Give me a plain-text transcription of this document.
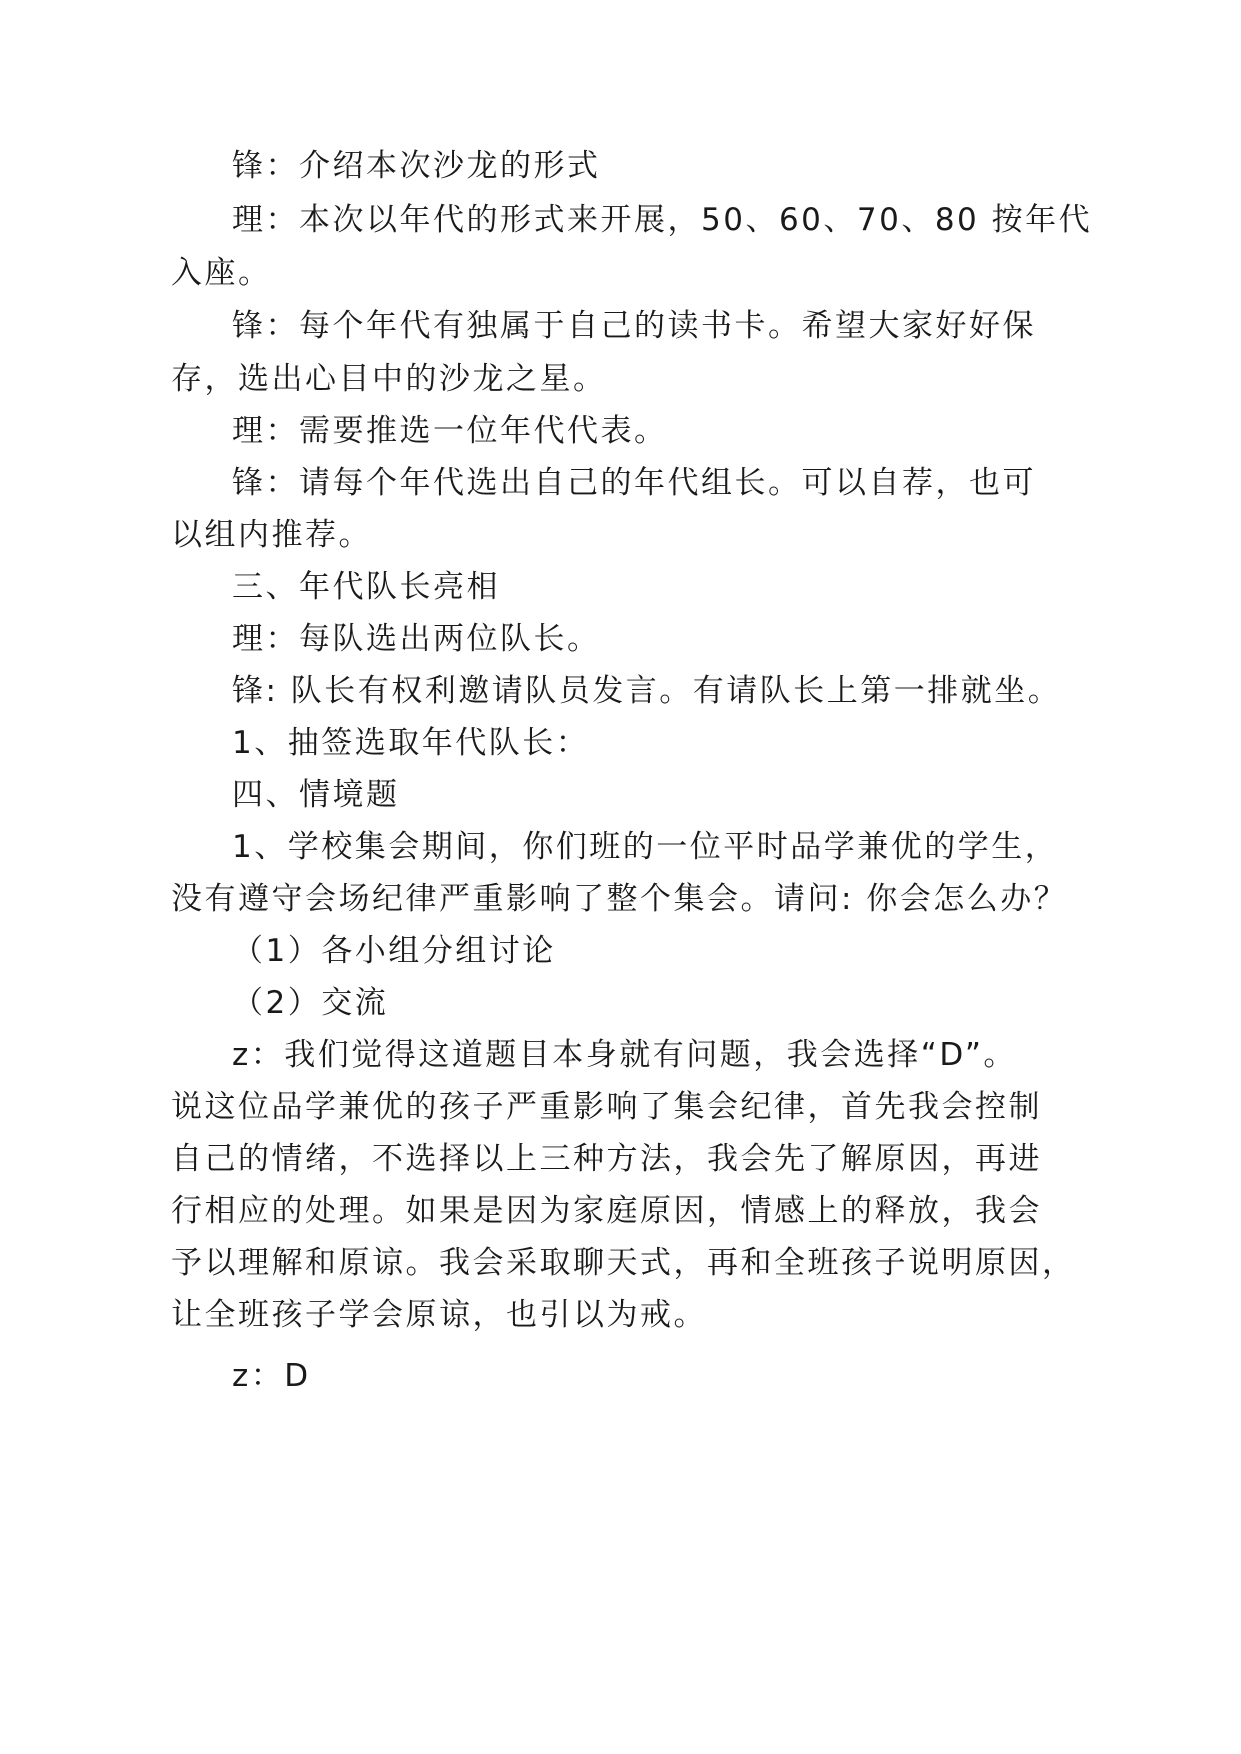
锋：介绍本次沙龙的形式
理：本次以年代的形式来开展，50、60、70、80 按年代
入座。
锋：每个年代有独属于自己的读书卡。希望大家好好保
存，选出心目中的沙龙之星。
理：需要推选一位年代代表。
锋：请每个年代选出自己的年代组长。可以自荐，也可
以组内推荐。
三、年代队长亮相
理：每队选出两位队长。
锋: 队长有权利邀请队员发言。有请队长上第一排就坐。
1、抽签选取年代队长：
四、情境题
1、学校集会期间，你们班的一位平时品学兼优的学生，
没有遵守会场纪律严重影响了整个集会。请问: 你会怎么办？
（1）各小组分组讨论
（2）交流
z：我们觉得这道题目本身就有问题，我会选择“D”。
说这位品学兼优的孩子严重影响了集会纪律，首先我会控制
自己的情绪，不选择以上三种方法，我会先了解原因，再进
行相应的处理。如果是因为家庭原因，情感上的释放，我会
予以理解和原谅。我会采取聊天式，再和全班孩子说明原因，
让全班孩子学会原谅，也引以为戒。
z：D
